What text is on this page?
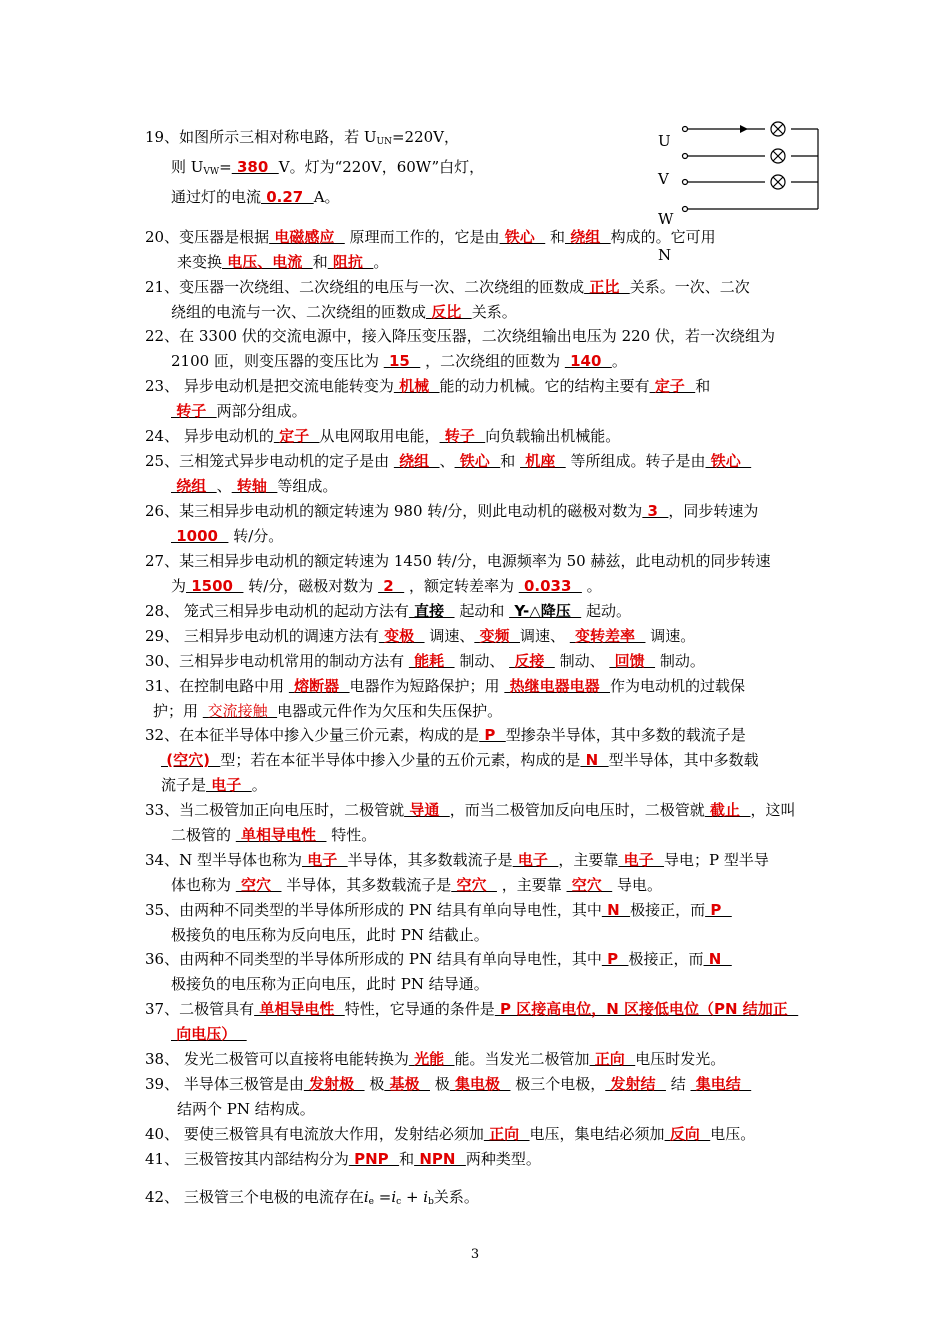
19、如图所示三相对称电路，若 $U_{UN}=220V$，
则 $U_{VW}= 380$  V。灯为“220V，60W”白灯，
通过灯的电流 0.27  A。
U
V
W
N
20、变压器是根据 电磁感应   原理而工作的，它是由 铁心   和 绕组  构成的。它可用
来变换 电压、电流  和 阻抗  。
21、变压器一次绕组、二次绕组的电压与一次、二次绕组的匝数成 正比  关系。一次、二次
绕组的电流与一次、二次绕组的匝数成 反比  关系。
22、在 3300 伏的交流电源中，接入降压变压器，二次绕组输出电压为 220 伏，若一次绕组为
2100 匝，则变压器的变压比为  15   ，二次绕组的匝数为  140  。
23、 异步电动机是把交流电能转变为 机械  能的动力机械。它的结构主要有 定子  和
转子  两部分组成。
24、 异步电动机的 定子  从电网取用电能， 转子  向负载输出机械能。
25、三相笼式异步电动机的定子是由  绕组  、 铁心  和  机座   等所组成。转子是由 铁心
绕组  、 转轴  等组成。
26、某三相异步电动机的额定转速为 980 转/分，则此电动机的磁极对数为 3  ，同步转速为
1000   转/分。
27、某三相异步电动机的额定转速为 1450 转/分，电源频率为 50 赫兹，此电动机的同步转速
为 1500   转/分，磁极对数为  2   ，额定转差率为  0.033   。
28、 笼式三相异步电动机的起动方法有 直接   起动和  Y-△降压   起动。
29、 三相异步电动机的调速方法有 变极   调速、 变频  调速、  变转差率   调速。
30、三相异步电动机常用的制动方法有  能耗   制动、  反接   制动、  回馈   制动。
31、在控制电路中用  熔断器  电器作为短路保护；用  热继电器电器  作为电动机的过载保
护；用  交流接触  电器或元件作为欠压和失压保护。
32、在本征半导体中掺入少量三价元素，构成的是 P  型掺杂半导体，其中多数的载流子是
(空穴)  型；若在本征半导体中掺入少量的五价元素，构成的是 N  型半导体，其中多数载
流子是 电子  。
33、当二极管加正向电压时，二极管就 导通  ，而当二极管加反向电压时，二极管就 截止  ，这叫
二极管的  单相导电性   特性。
34、N 型半导体也称为 电子  半导体，其多数载流子是 电子  ，主要靠 电子  导电；P 型半导
体也称为  空穴   半导体，其多数载流子是 空穴   ，主要靠  空穴   导电。
35、由两种不同类型的半导体所形成的 PN 结具有单向导电性，其中 N  极接正，而 P
极接负的电压称为反向电压，此时 PN 结截止。
36、由两种不同类型的半导体所形成的 PN 结具有单向导电性，其中 P  极接正，而 N
极接负的电压称为正向电压，此时 PN 结导通。
37、二极管具有 单相导电性  特性，它导通的条件是 P 区接高电位，N 区接低电位（PN 结加正
向电压）
38、 发光二极管可以直接将电能转换为 光能  能。当发光二极管加 正向  电压时发光。
39、 半导体三极管是由 发射极   极 基极   极 集电极   极三个电极， 发射结   结  集电结
结两个 PN 结构成。
40、 要使三极管具有电流放大作用，发射结必须加 正向  电压，集电结必须加 反向  电压。
41、 三极管按其内部结构分为 PNP  和 NPN  两种类型。
42、 三极管三个电极的电流存在$i_e =i_c + i_b$关系。
3
